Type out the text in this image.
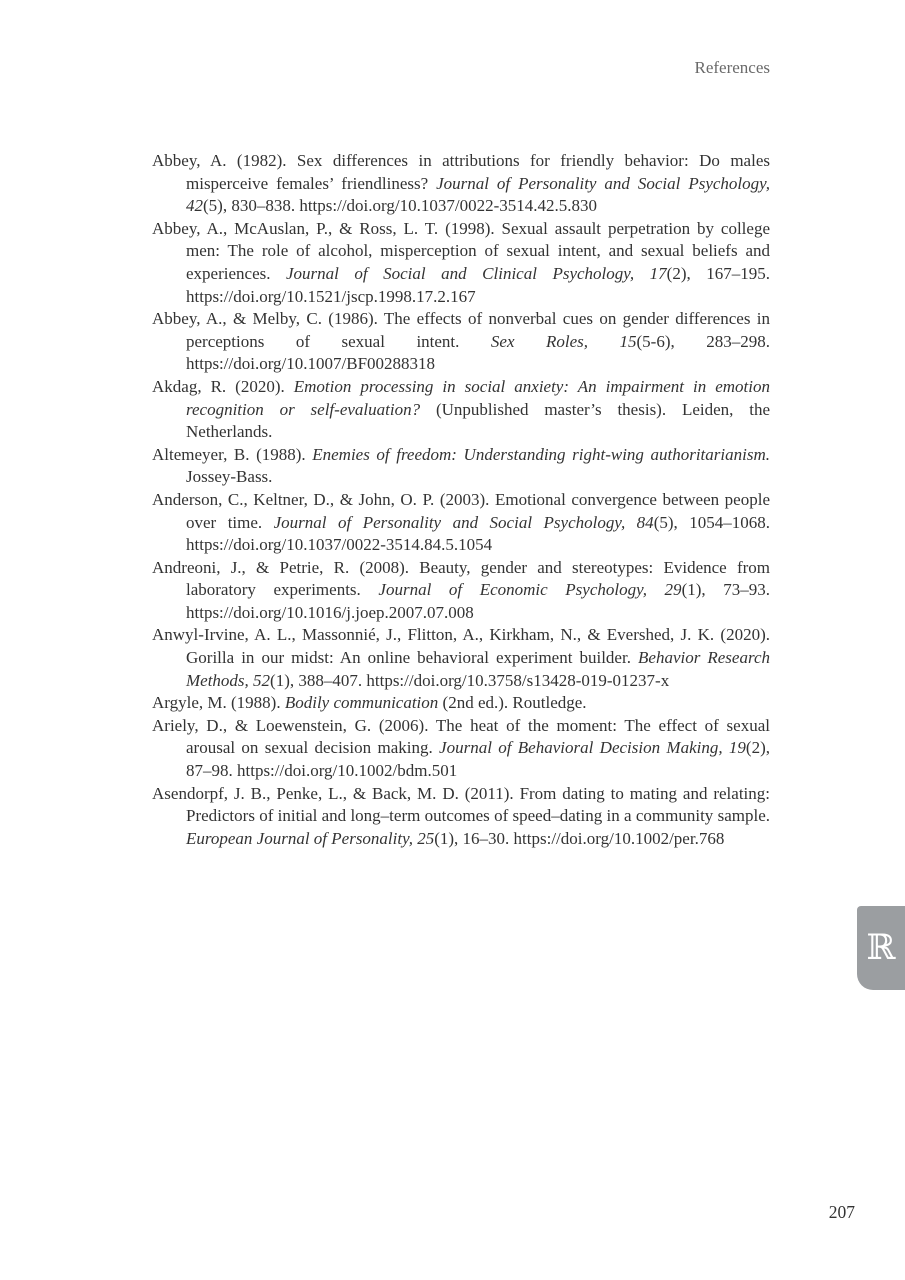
References

Abbey, A. (1982). Sex differences in attributions for friendly behavior: Do males misperceive females’ friendliness? Journal of Personality and Social Psychology, 42(5), 830–838. https://doi.org/10.1037/0022-3514.42.5.830

Abbey, A., McAuslan, P., & Ross, L. T. (1998). Sexual assault perpetration by college men: The role of alcohol, misperception of sexual intent, and sexual beliefs and experiences. Journal of Social and Clinical Psychology, 17(2), 167–195. https://doi.org/10.1521/jscp.1998.17.2.167

Abbey, A., & Melby, C. (1986). The effects of nonverbal cues on gender differences in perceptions of sexual intent. Sex Roles, 15(5-6), 283–298. https://doi.org/10.1007/BF00288318

Akdag, R. (2020). Emotion processing in social anxiety: An impairment in emotion recognition or self-evaluation? (Unpublished master’s thesis). Leiden, the Netherlands.

Altemeyer, B. (1988). Enemies of freedom: Understanding right-wing authoritarianism. Jossey-Bass.

Anderson, C., Keltner, D., & John, O. P. (2003). Emotional convergence between people over time. Journal of Personality and Social Psychology, 84(5), 1054–1068. https://doi.org/10.1037/0022-3514.84.5.1054

Andreoni, J., & Petrie, R. (2008). Beauty, gender and stereotypes: Evidence from laboratory experiments. Journal of Economic Psychology, 29(1), 73–93. https://doi.org/10.1016/j.joep.2007.07.008

Anwyl-Irvine, A. L., Massonnié, J., Flitton, A., Kirkham, N., & Evershed, J. K. (2020). Gorilla in our midst: An online behavioral experiment builder. Behavior Research Methods, 52(1), 388–407. https://doi.org/10.3758/s13428-019-01237-x

Argyle, M. (1988). Bodily communication (2nd ed.). Routledge.

Ariely, D., & Loewenstein, G. (2006). The heat of the moment: The effect of sexual arousal on sexual decision making. Journal of Behavioral Decision Making, 19(2), 87–98. https://doi.org/10.1002/bdm.501

Asendorpf, J. B., Penke, L., & Back, M. D. (2011). From dating to mating and relating: Predictors of initial and long–term outcomes of speed–dating in a community sample. European Journal of Personality, 25(1), 16–30. https://doi.org/10.1002/per.768

ℝ
207
